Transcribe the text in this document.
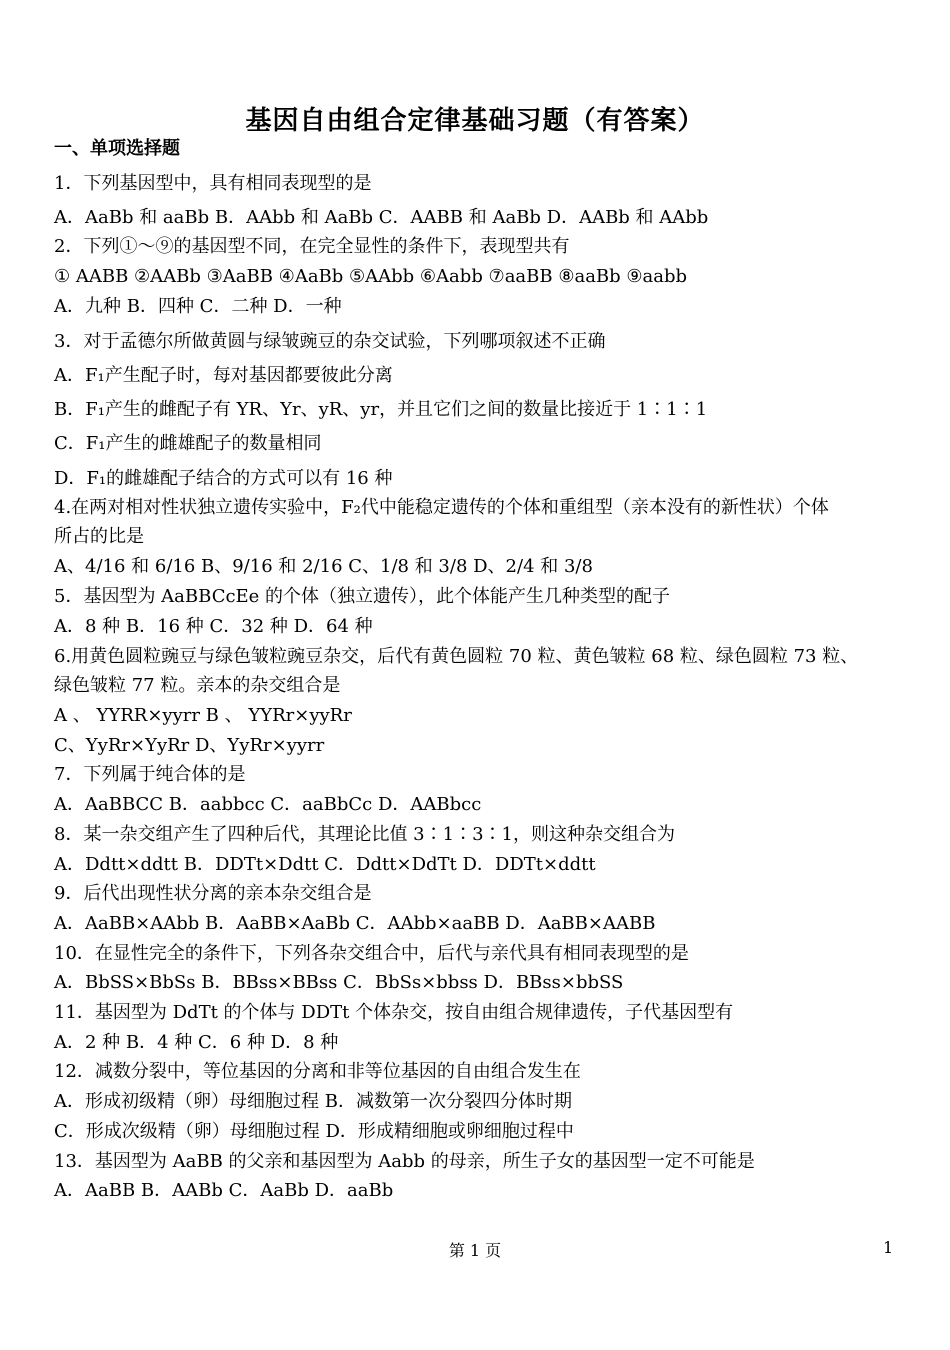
基因自由组合定律基础习题（有答案）
一、单项选择题
1．下列基因型中，具有相同表现型的是
A．AaBb 和 aaBb B．AAbb 和 AaBb C．AABB 和 AaBb D．AABb 和 AAbb
2．下列①～⑨的基因型不同，在完全显性的条件下，表现型共有
① AABB ②AABb ③AaBB ④AaBb ⑤AAbb ⑥Aabb ⑦aaBB ⑧aaBb ⑨aabb
A．九种 B．四种 C．二种 D．一种
3．对于孟德尔所做黄圆与绿皱豌豆的杂交试验，下列哪项叙述不正确
A．F₁产生配子时，每对基因都要彼此分离
B．F₁产生的雌配子有 YR、Yr、yR、yr，并且它们之间的数量比接近于 1∶1∶1
C．F₁产生的雌雄配子的数量相同
D．F₁的雌雄配子结合的方式可以有 16 种
4.在两对相对性状独立遗传实验中，F₂代中能稳定遗传的个体和重组型（亲本没有的新性状）个体
所占的比是
A、4/16 和 6/16 B、9/16 和 2/16 C、1/8 和 3/8 D、2/4 和 3/8
5．基因型为 AaBBCcEe 的个体（独立遗传），此个体能产生几种类型的配子
A．8 种 B．16 种 C．32 种 D．64 种
6.用黄色圆粒豌豆与绿色皱粒豌豆杂交，后代有黄色圆粒 70 粒、黄色皱粒 68 粒、绿色圆粒 73 粒、
绿色皱粒 77 粒。亲本的杂交组合是
A 、 YYRR×yyrr B 、 YYRr×yyRr
C、YyRr×YyRr D、YyRr×yyrr
7．下列属于纯合体的是
A．AaBBCC B．aabbcc C．aaBbCc D．AABbcc
8．某一杂交组产生了四种后代，其理论比值 3∶1∶3∶1，则这种杂交组合为
A．Ddtt×ddtt B．DDTt×Ddtt C．Ddtt×DdTt D．DDTt×ddtt
9．后代出现性状分离的亲本杂交组合是
A．AaBB×AAbb B．AaBB×AaBb C．AAbb×aaBB D．AaBB×AABB
10．在显性完全的条件下，下列各杂交组合中，后代与亲代具有相同表现型的是
A．BbSS×BbSs B．BBss×BBss C．BbSs×bbss D．BBss×bbSS
11．基因型为 DdTt 的个体与 DDTt 个体杂交，按自由组合规律遗传，子代基因型有
A．2 种 B．4 种 C．6 种 D．8 种
12．减数分裂中，等位基因的分离和非等位基因的自由组合发生在
A．形成初级精（卵）母细胞过程 B．减数第一次分裂四分体时期
C．形成次级精（卵）母细胞过程 D．形成精细胞或卵细胞过程中
13．基因型为 AaBB 的父亲和基因型为 Aabb 的母亲，所生子女的基因型一定不可能是
A．AaBB B．AABb C．AaBb D．aaBb
第 1 页	1
